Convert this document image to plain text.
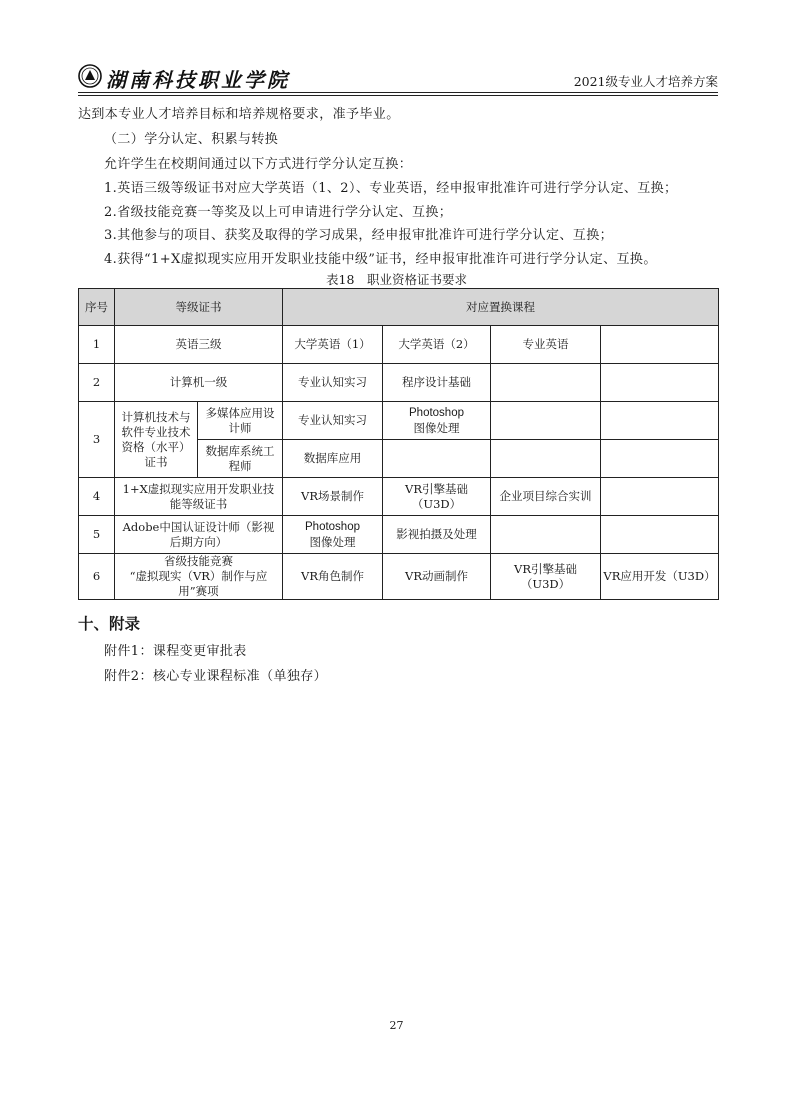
湖南科技职业学院	2021级专业人才培养方案
达到本专业人才培养目标和培养规格要求，准予毕业。
（二）学分认定、积累与转换
允许学生在校期间通过以下方式进行学分认定互换：
1.英语三级等级证书对应大学英语（1、2）、专业英语，经申报审批准许可进行学分认定、互换；
2.省级技能竞赛一等奖及以上可申请进行学分认定、互换；
3.其他参与的项目、获奖及取得的学习成果，经申报审批准许可进行学分认定、互换；
4.获得“1+X虚拟现实应用开发职业技能中级”证书，经申报审批准许可进行学分认定、互换。
表18　职业资格证书要求
序号	等级证书		对应置换课程			
1	英语三级		大学英语（1）	大学英语（2）	专业英语	
2	计算机一级		专业认知实习	程序设计基础		
3	计算机技术与软件专业技术资格（水平）证书	多媒体应用设计师	专业认知实习	Photoshop
图像处理		

		数据库系统工程师	数据库应用			
4	1+X虚拟现实应用开发职业技能等级证书		VR场景制作	VR引擎基础（U3D）	企业项目综合实训	
5	Adobe中国认证设计师（影视后期方向）		Photoshop
图像处理	影视拍摄及处理		
6	省级技能竞赛
“虚拟现实（VR）制作与应用”赛项		VR角色制作	VR动画制作	VR引擎基础（U3D）	VR应用开发（U3D）
十、附录
附件1：课程变更审批表
附件2：核心专业课程标准（单独存）
27
